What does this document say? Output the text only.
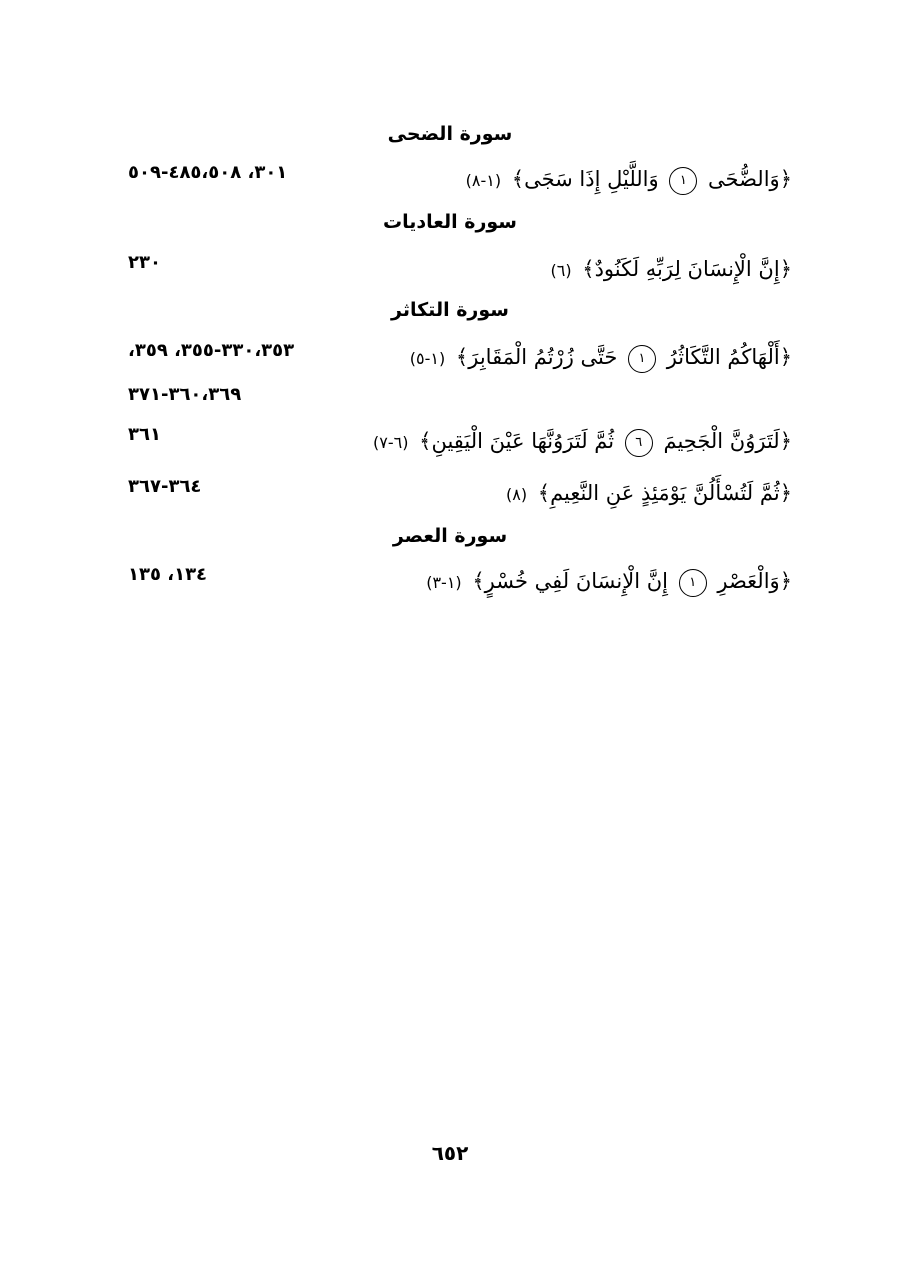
سورة الضحى
﴿وَالضُّحَى ١ وَاللَّيْلِ إِذَا سَجَى﴾ (١-٨)
٣٠١، ٤٨٥،٥٠٨-٥٠٩
سورة العاديات
﴿إِنَّ الْإِنسَانَ لِرَبِّهِ لَكَنُودٌ﴾ (٦)
٢٣٠
سورة التكاثر
﴿أَلْهَاكُمُ التَّكَاثُرُ ١ حَتَّى زُرْتُمُ الْمَقَابِرَ﴾ (١-٥)
٣٣٠،٣٥٣-٣٥٥، ٣٥٩،
٣٦٠،٣٦٩-٣٧١
﴿لَتَرَوُنَّ الْجَحِيمَ ٦ ثُمَّ لَتَرَوُنَّهَا عَيْنَ الْيَقِينِ﴾ (٦-٧)
٣٦١
﴿ثُمَّ لَتُسْأَلُنَّ يَوْمَئِذٍ عَنِ النَّعِيمِ﴾ (٨)
٣٦٤-٣٦٧
سورة العصر
﴿وَالْعَصْرِ ١ إِنَّ الْإِنسَانَ لَفِي خُسْرٍ﴾ (١-٣)
١٣٤، ١٣٥
٦٥٢
